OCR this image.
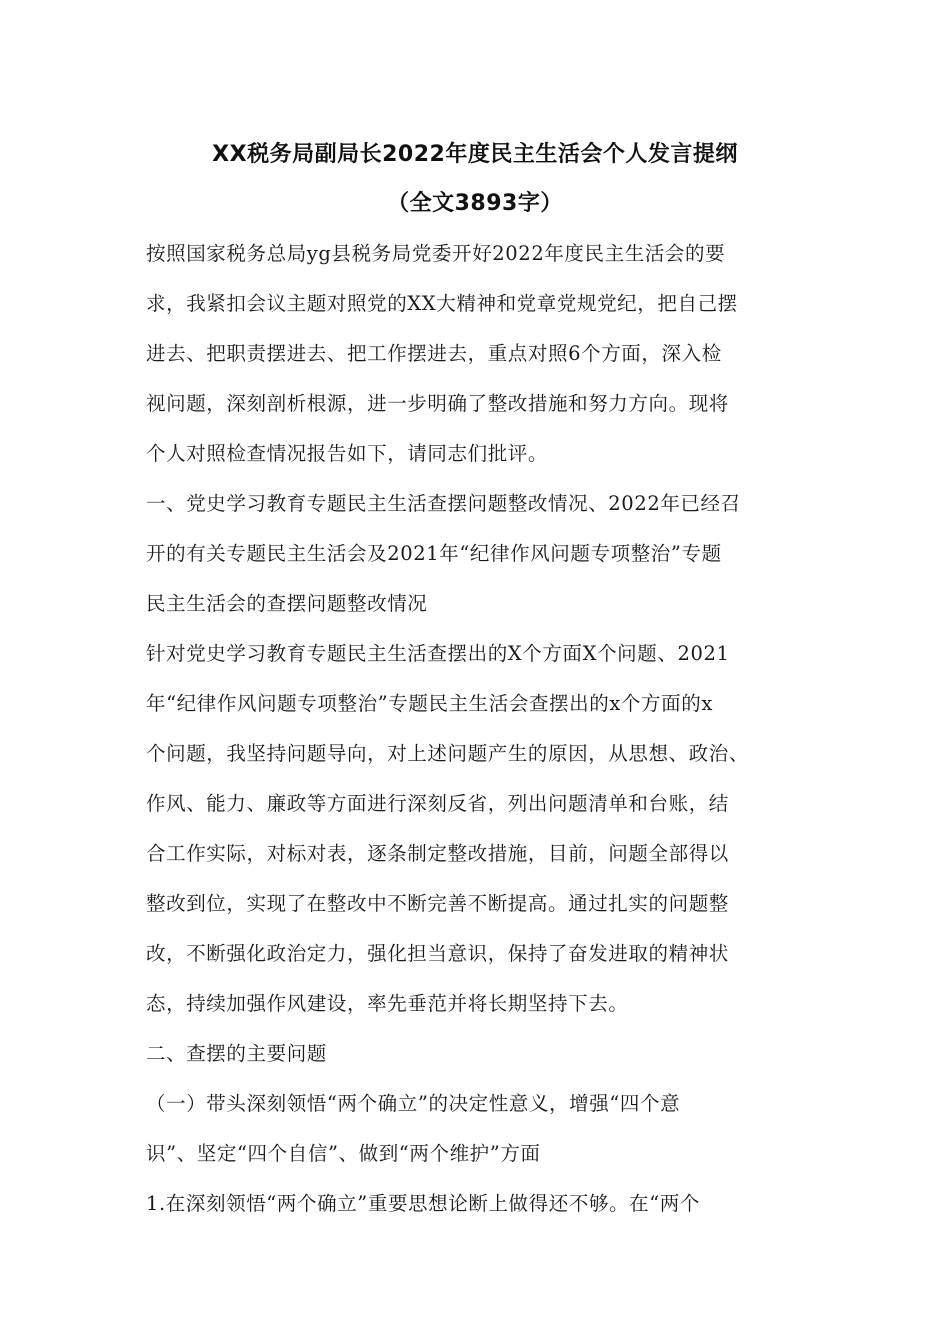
XX税务局副局长2022年度民主生活会个人发言提纲
（全文3893字）
按照国家税务总局yg县税务局党委开好2022年度民主生活会的要
求，我紧扣会议主题对照党的XX大精神和党章党规党纪，把自己摆
进去、把职责摆进去、把工作摆进去，重点对照6个方面，深入检
视问题，深刻剖析根源，进一步明确了整改措施和努力方向。现将
个人对照检查情况报告如下，请同志们批评。
一、党史学习教育专题民主生活查摆问题整改情况、2022年已经召
开的有关专题民主生活会及2021年“纪律作风问题专项整治”专题
民主生活会的查摆问题整改情况
针对党史学习教育专题民主生活查摆出的X个方面X个问题、2021
年“纪律作风问题专项整治”专题民主生活会查摆出的x个方面的x
个问题，我坚持问题导向，对上述问题产生的原因，从思想、政治、
作风、能力、廉政等方面进行深刻反省，列出问题清单和台账，结
合工作实际，对标对表，逐条制定整改措施，目前，问题全部得以
整改到位，实现了在整改中不断完善不断提高。通过扎实的问题整
改，不断强化政治定力，强化担当意识，保持了奋发进取的精神状
态，持续加强作风建设，率先垂范并将长期坚持下去。
二、查摆的主要问题
（一）带头深刻领悟“两个确立”的决定性意义，增强“四个意
识”、坚定“四个自信”、做到“两个维护”方面
1.在深刻领悟“两个确立”重要思想论断上做得还不够。在“两个
